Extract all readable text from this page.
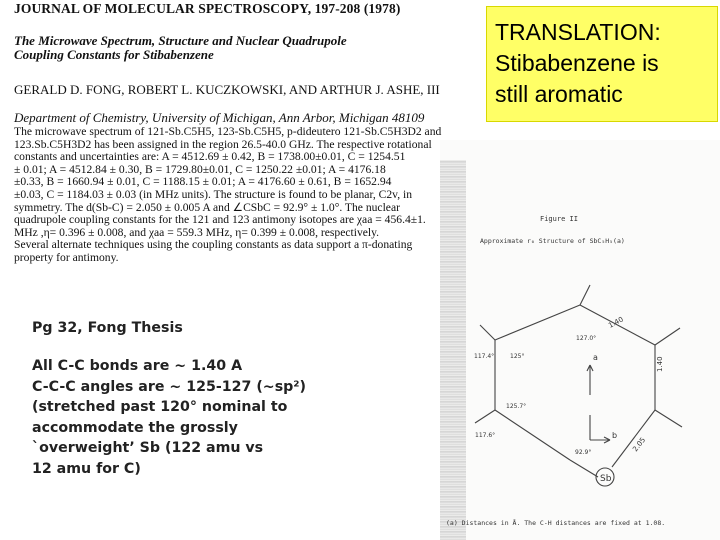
JOURNAL OF MOLECULAR SPECTROSCOPY, 197-208 (1978)
The Microwave Spectrum, Structure and Nuclear Quadrupole
Coupling Constants for Stibabenzene
GERALD D. FONG, ROBERT L. KUCZKOWSKI, AND ARTHUR J. ASHE, III
Department of Chemistry, University of Michigan, Ann Arbor, Michigan 48109

The microwave spectrum of 121-Sb.C5H5, 123-Sb.C5H5, p-dideutero 121-Sb.C5H3D2 and

123.Sb.C5H3D2 has been assigned in the region 26.5-40.0 GHz. The respective rotational

constants and uncertainties are: A = 4512.69 ± 0.42, B = 1738.00±0.01, C = 1254.51

± 0.01; A = 4512.84 ± 0.30, B = 1729.80±0.01, C = 1250.22 ±0.01; A = 4176.18

±0.33, B = 1660.94 ± 0.01, C = 1188.15 ± 0.01; A = 4176.60 ± 0.61, B = 1652.94

±0.03, C = 1184.03 ± 0.03 (in MHz units). The structure is found to be planar, C2v, in

symmetry. The d(Sb-C) = 2.050 ± 0.005 A and ∠CSbC = 92.9° ± 1.0°. The nuclear

quadrupole coupling constants for the 121 and 123 antimony isotopes are χaa = 456.4±1.

MHz ,η= 0.396 ± 0.008, and χaa = 559.3 MHz, η= 0.399 ± 0.008, respectively.

Several alternate techniques using the coupling constants as data support a π-donating

property for antimony.

TRANSLATION:

Stibabenzene is

still aromatic

Pg 32, Fong Thesis
All C-C bonds are ~ 1.40 A
C-C-C angles are ~ 125-127 (~sp²)
(stretched past 120° nominal to
accommodate the grossly
`overweight’ Sb (122 amu vs
12 amu for C)
Figure II
Approximate r₀ Structure of SbC₅H₅(a)
Sb
127.0°
117.4°	125°
125.7°
117.6°
92.9°
1.40
1.40
2.05
a
b
(a) Distances in Å. The C-H distances are fixed at 1.08.
